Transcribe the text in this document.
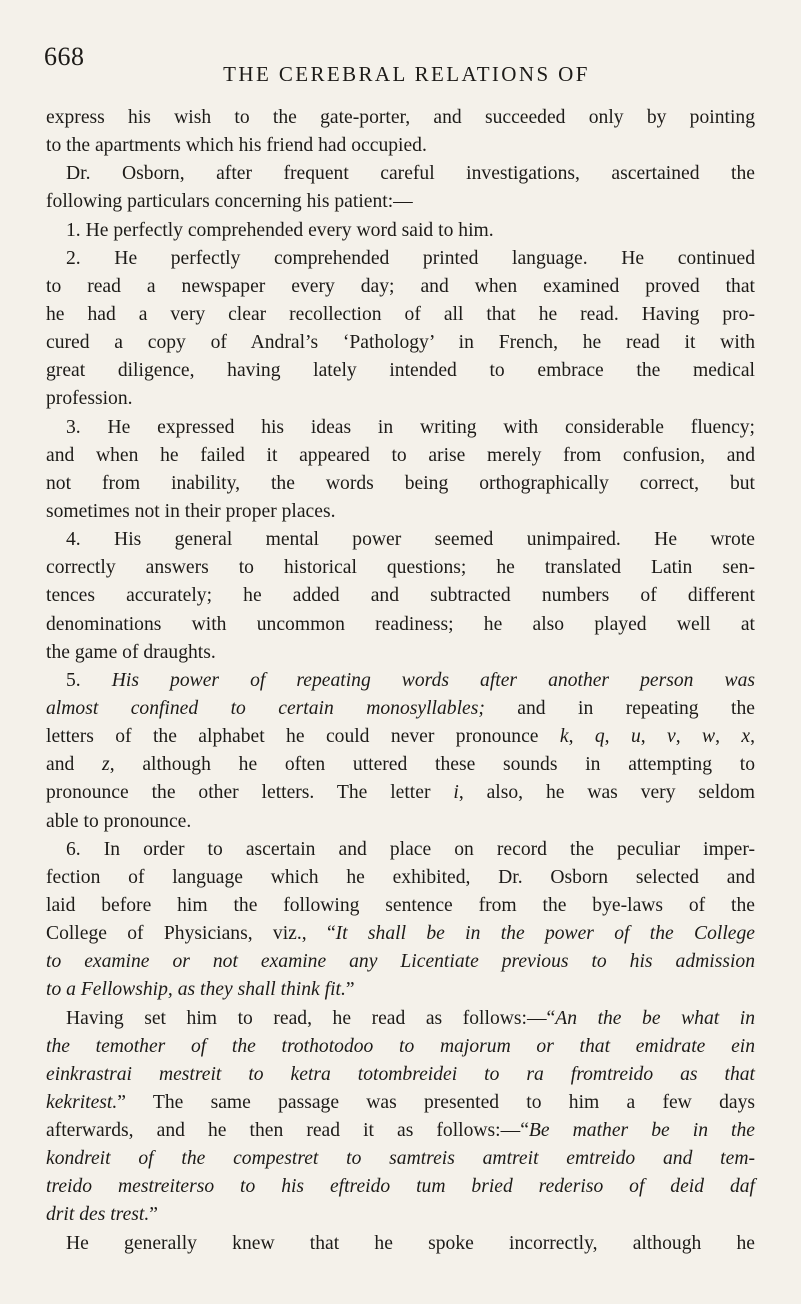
668
THE CEREBRAL RELATIONS OF
express his wish to the gate-porter, and succeeded only by pointing
to the apartments which his friend had occupied.
Dr. Osborn, after frequent careful investigations, ascertained the
following particulars concerning his patient:—
1. He perfectly comprehended every word said to him.
2. He perfectly comprehended printed language. He continued
to read a newspaper every day; and when examined proved that
he had a very clear recollection of all that he read. Having pro-
cured a copy of Andral’s ‘Pathology’ in French, he read it with
great diligence, having lately intended to embrace the medical
profession.
3. He expressed his ideas in writing with considerable fluency;
and when he failed it appeared to arise merely from confusion, and
not from inability, the words being orthographically correct, but
sometimes not in their proper places.
4. His general mental power seemed unimpaired. He wrote
correctly answers to historical questions; he translated Latin sen-
tences accurately; he added and subtracted numbers of different
denominations with uncommon readiness; he also played well at
the game of draughts.
5. His power of repeating words after another person was
almost confined to certain monosyllables; and in repeating the
letters of the alphabet he could never pronounce k, q, u, v, w, x,
and z, although he often uttered these sounds in attempting to
pronounce the other letters. The letter i, also, he was very seldom
able to pronounce.
6. In order to ascertain and place on record the peculiar imper-
fection of language which he exhibited, Dr. Osborn selected and
laid before him the following sentence from the bye-laws of the
College of Physicians, viz., “It shall be in the power of the College
to examine or not examine any Licentiate previous to his admission
to a Fellowship, as they shall think fit.”
Having set him to read, he read as follows:—“An the be what in
the temother of the trothotodoo to majorum or that emidrate ein
einkrastrai mestreit to ketra totombreidei to ra fromtreido as that
kekritest.” The same passage was presented to him a few days
afterwards, and he then read it as follows:—“Be mather be in the
kondreit of the compestret to samtreis amtreit emtreido and tem-
treido mestreiterso to his eftreido tum bried rederiso of deid daf
drit des trest.”
He generally knew that he spoke incorrectly, although he
